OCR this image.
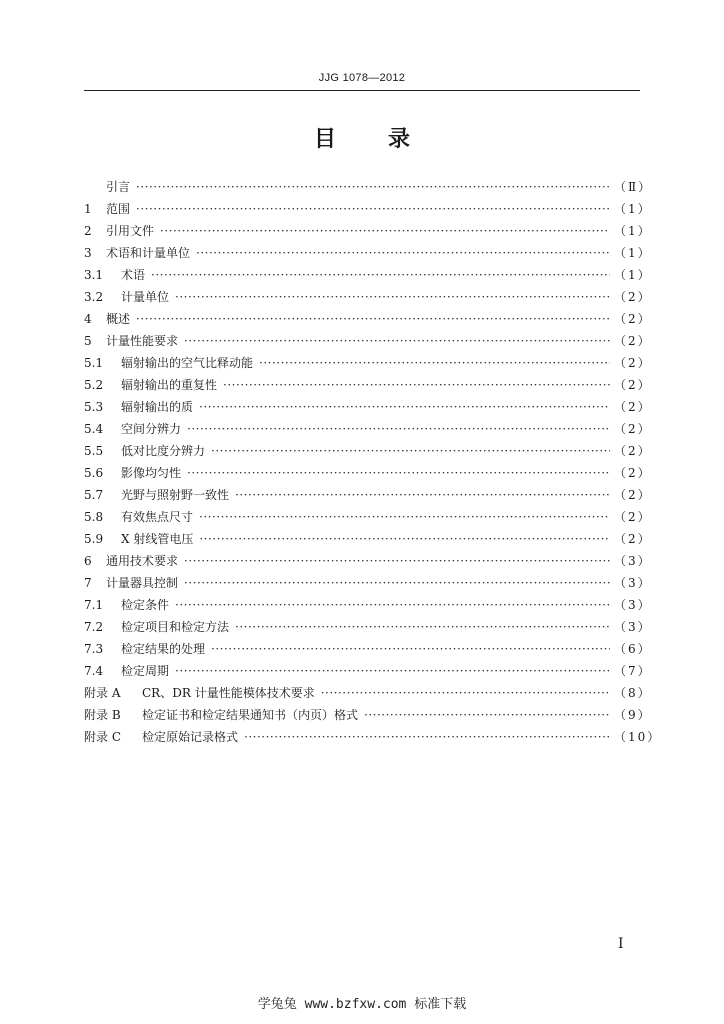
JJG 1078—2012
目 录
引言 ·····	（Ⅱ）
1	范围 ·····	（1）
2	引用文件 ·····	（1）
3	术语和计量单位 ·····	（1）
3.1	术语 ·····	（1）
3.2	计量单位 ·····	（2）
4	概述 ·····	（2）
5	计量性能要求 ·····	（2）
5.1	辐射输出的空气比释动能 ·····	（2）
5.2	辐射输出的重复性 ·····	（2）
5.3	辐射输出的质 ·····	（2）
5.4	空间分辨力 ·····	（2）
5.5	低对比度分辨力 ·····	（2）
5.6	影像均匀性 ·····	（2）
5.7	光野与照射野一致性 ·····	（2）
5.8	有效焦点尺寸 ·····	（2）
5.9	X 射线管电压 ·····	（2）
6	通用技术要求 ·····	（3）
7	计量器具控制 ·····	（3）
7.1	检定条件 ·····	（3）
7.2	检定项目和检定方法 ·····	（3）
7.3	检定结果的处理 ·····	（6）
7.4	检定周期 ·····	（7）
附录 A	CR、DR 计量性能模体技术要求 ·····	（8）
附录 B	检定证书和检定结果通知书（内页）格式 ·····	（9）
附录 C	检定原始记录格式 ·····	（10）
Ⅰ
学兔兔 www.bzfxw.com 标准下载
